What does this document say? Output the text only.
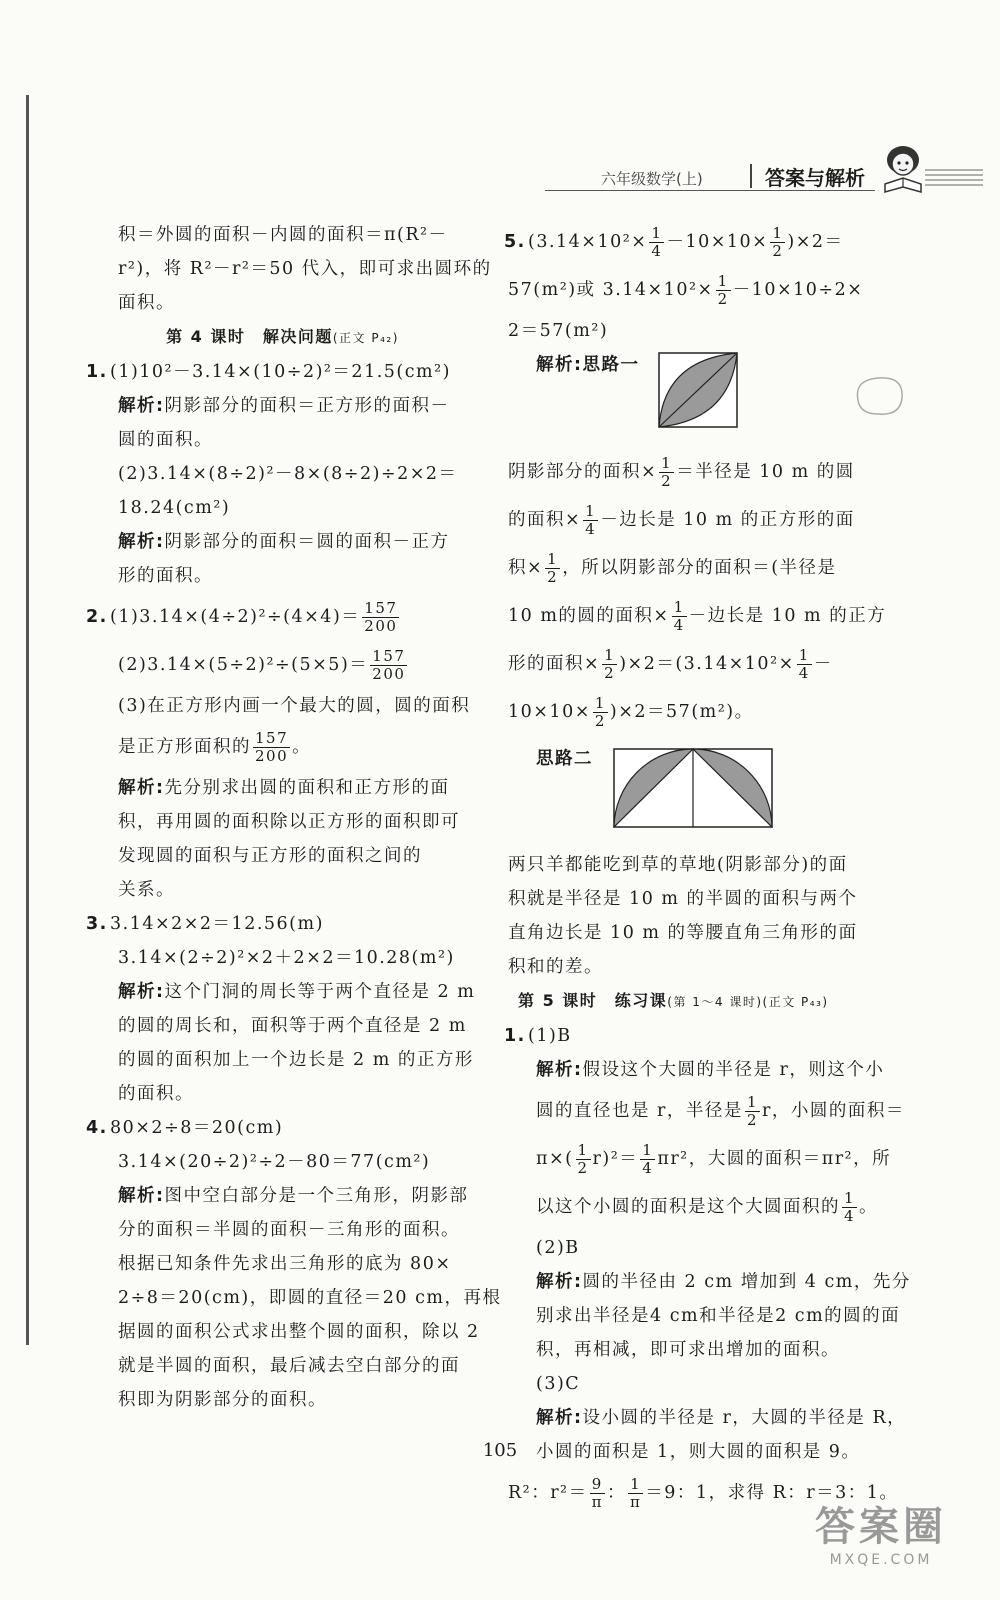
六年级数学(上)	答案与解析
积＝外圆的面积－内圆的面积＝π(R²－
r²)，将 R²－r²＝50 代入，即可求出圆环的
面积。
第 4 课时　解决问题(正文 P₄₂)
1. (1)10²－3.14×(10÷2)²＝21.5(cm²)
解析:阴影部分的面积＝正方形的面积－
圆的面积。
(2)3.14×(8÷2)²－8×(8÷2)÷2×2＝
18.24(cm²)
解析:阴影部分的面积＝圆的面积－正方
形的面积。
2. $(1)3.14\times(4\div 2)^2\div(4\times 4)= \frac{157}{200}$
$(2)3.14\times(5\div 2)^2\div(5\times 5)= \frac{157}{200}$
(3)在正方形内画一个最大的圆，圆的面积
是正方形面积的 $\frac{157}{200}$ 。
解析:先分别求出圆的面积和正方形的面
积，再用圆的面积除以正方形的面积即可
发现圆的面积与正方形的面积之间的
关系。
3. 3.14×2×2＝12.56(m)
3.14×(2÷2)²×2＋2×2＝10.28(m²)
解析:这个门洞的周长等于两个直径是 2 m
的圆的周长和，面积等于两个直径是 2 m
的圆的面积加上一个边长是 2 m 的正方形
的面积。
4. 80×2÷8＝20(cm)
3.14×(20÷2)²÷2－80＝77(cm²)
解析:图中空白部分是一个三角形，阴影部
分的面积＝半圆的面积－三角形的面积。
根据已知条件先求出三角形的底为 80×
2÷8＝20(cm)，即圆的直径＝20 cm，再根
据圆的面积公式求出整个圆的面积，除以 2
就是半圆的面积，最后减去空白部分的面
积即为阴影部分的面积。
5. $(3.14\times 10^2\times \frac{1}{4} -10\times 10\times \frac{1}{2} )\times 2=$
57(m²)或 $3.14\times 10^2\times \frac{1}{2} -10\times 10\div 2\times$
2＝57(m²)
解析:思路一
阴影部分的面积× $\frac{1}{2}$ ＝半径是 10 m 的圆
的面积× $\frac{1}{4}$ －边长是 10 m 的正方形的面
积× $\frac{1}{2}$ ，所以阴影部分的面积＝(半径是
10 m的圆的面积× $\frac{1}{4}$ －边长是 10 m 的正方
形的面积× $\frac{1}{2} )\times 2=(3.14\times 10^2\times \frac{1}{4}$ －
$10\times 10\times \frac{1}{2} )\times 2=57(m^2)$。
思路二
两只羊都能吃到草的草地(阴影部分)的面
积就是半径是 10 m 的半圆的面积与两个
直角边长是 10 m 的等腰直角三角形的面
积和的差。
第 5 课时　练习课(第 1～4 课时)(正文 P₄₃)
1. (1)B
解析:假设这个大圆的半径是 r，则这个小
圆的直径也是 r，半径是 $\frac{1}{2}$ r，小圆的面积＝
$\pi\times( \frac{1}{2} r)^2= \frac{1}{4} \pi r^2$，大圆的面积＝πr²，所
以这个小圆的面积是这个大圆面积的 $\frac{1}{4}$ 。
(2)B
解析:圆的半径由 2 cm 增加到 4 cm，先分
别求出半径是4 cm和半径是2 cm的圆的面
积，再相减，即可求出增加的面积。
(3)C
解析:设小圆的半径是 r，大圆的半径是 R，
小圆的面积是 1，则大圆的面积是 9。
R²：$r^2= \frac{9}{\pi}$ ： $\frac{1}{\pi} =9$：1，求得 R：r＝3：1。
105
答案圈
MXQE.COM
